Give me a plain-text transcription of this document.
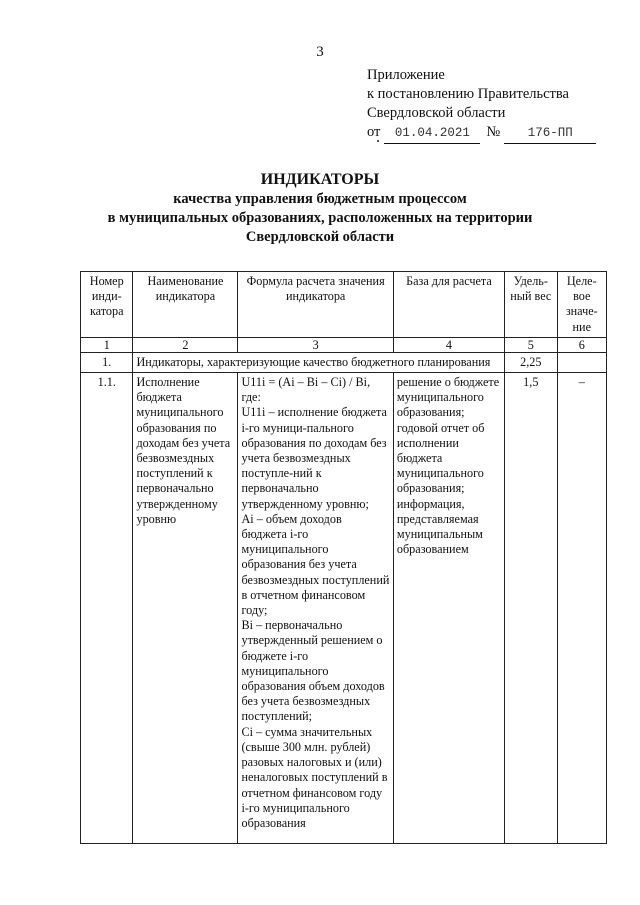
3
Приложение
к постановлению Правительства
Свердловской области
от	01.04.2021	№	176-ПП
ИНДИКАТОРЫ
качества управления бюджетным процессом
в муниципальных образованиях, расположенных на территории
Свердловской области
Номер инди- катора	Наименование индикатора	Формула расчета значения индикатора	База для расчета	Удель- ный вес	Целе- вое значе- ние
1	2	3	4	5	6
1.	Индикаторы, характеризующие качество бюджетного планирования			2,25	
1.1.	Исполнение бюджета муниципального образования по доходам без учета безвозмездных поступлений к первоначально утвержденному уровню	U11i = (Ai – Bi – Ci) / Bi, где:
U11i – исполнение бюджета i-го муници-пального образования по доходам без учета безвозмездных поступле-ний к первоначально утвержденному уровню;
Ai – объем доходов бюджета i-го муниципального образования без учета безвозмездных поступлений в отчетном финансовом году;
Bi – первоначально утвержденный решением о бюджете i-го муниципального образования объем доходов без учета безвозмездных поступлений;
Ci – сумма значительных (свыше 300 млн. рублей) разовых налоговых и (или) неналоговых поступлений в отчетном финансовом году i-го муниципального образования	решение о бюджете муниципального образования; годовой отчет об исполнении бюджета муниципального образования; информация, представляемая муниципальным образованием	1,5	–
